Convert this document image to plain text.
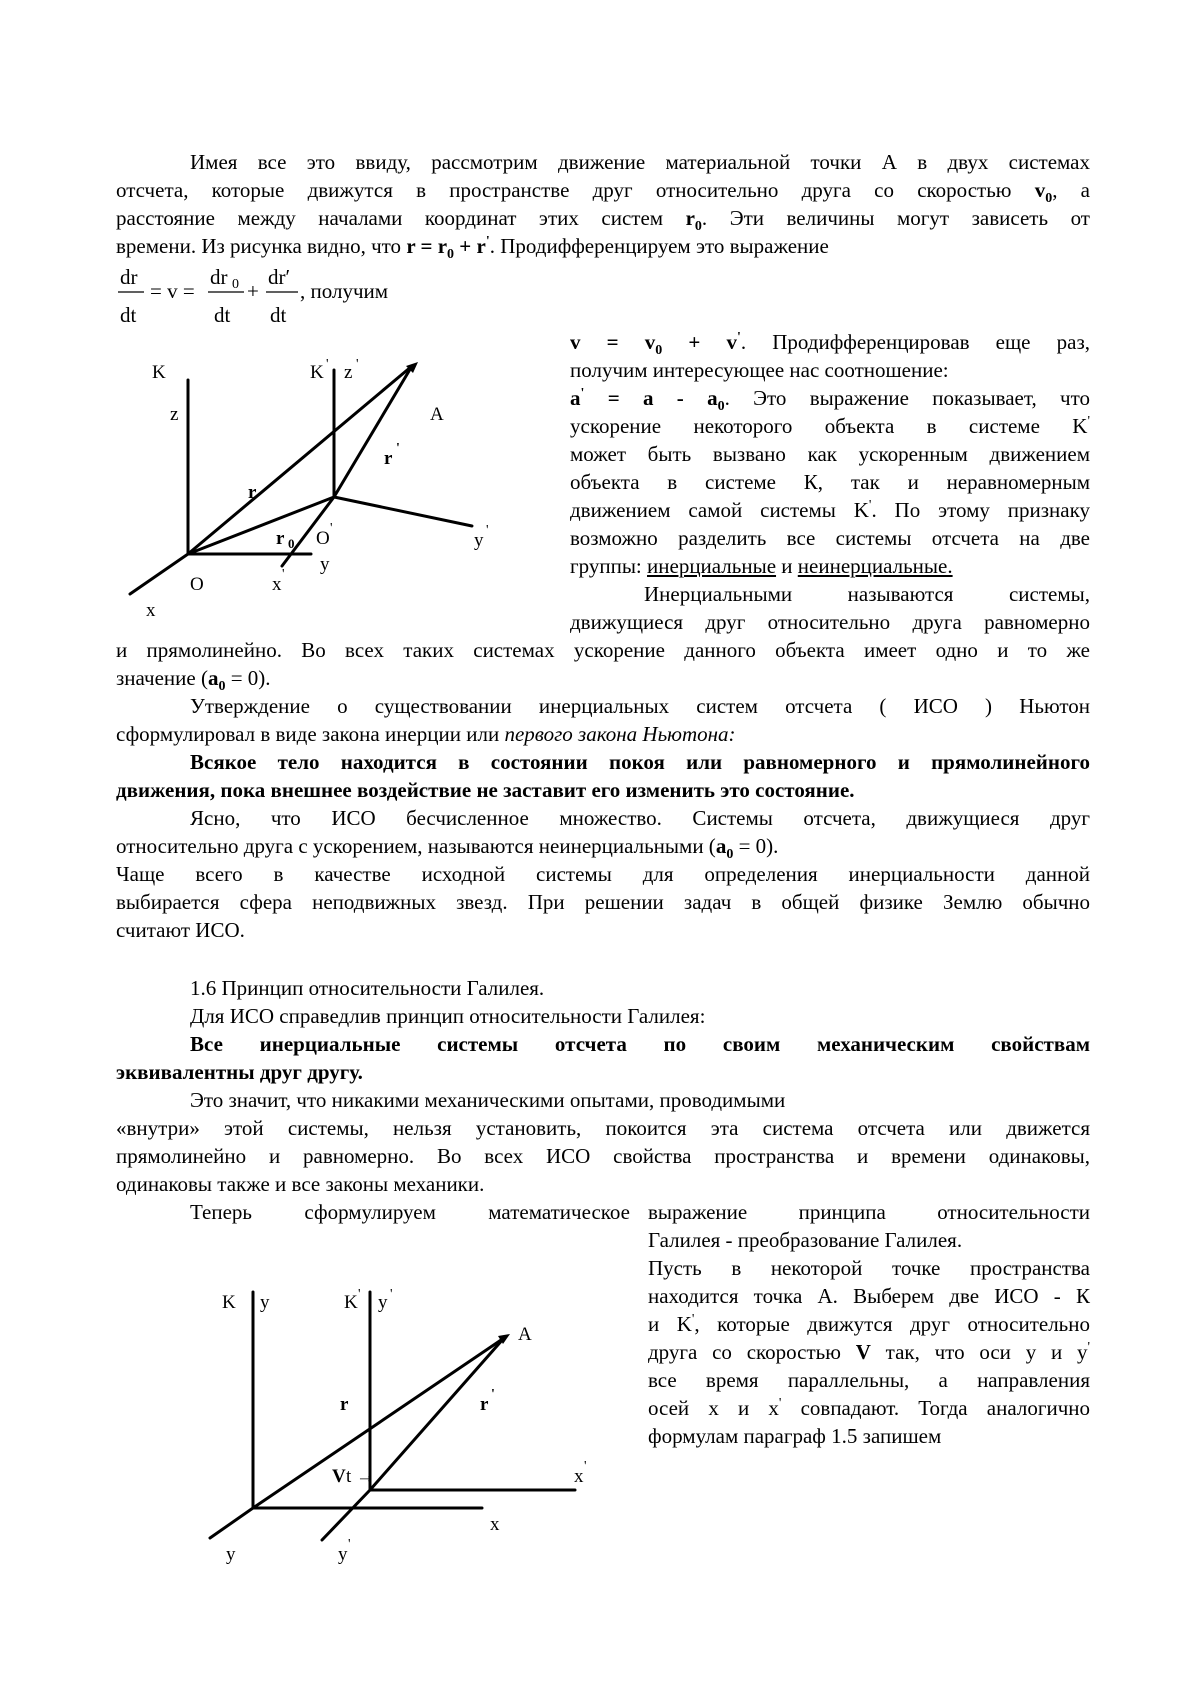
Имея все это ввиду, рассмотрим движение материальной точки А в двух системах
отсчета, которые движутся в пространстве друг относительно друга со скоростью $v_0$, а
расстояние между началами координат этих систем $r_0$. Эти величины могут зависеть от
времени. Из рисунка видно, что $r = r_0 + r'$. Продифференцируем это выражение
dr
dt
= v =
dr 0
dt
+
dr′
dt
, получим
K	K ' z '
z	A
r
r '
r 0 O '
y '
y
O	x '
x
$v = v_0 + v'$. Продифференцировав еще раз,
получим интересующее нас соотношение:
$a' = a - a_0$. Это выражение показывает, что
ускорение некоторого объекта в системе K'
может быть вызвано как ускоренным движением
объекта в системе К, так и неравномерным
движением самой системы K'. По этому признаку
возможно разделить все системы отсчета на две
группы: инерциальные и неинерциальные.
Инерциальными называются системы,
движущиеся друг относительно друга равномерно
и прямолинейно. Во всех таких системах ускорение данного объекта имеет одно и то же
значение $(a_0 = 0)$.
Утверждение о существовании инерциальных систем отсчета ( ИСО ) Ньютон
сформулировал в виде закона инерции или первого закона Ньютона:
Всякое тело находится в состоянии покоя или равномерного и прямолинейного
движения, пока внешнее воздействие не заставит его изменить это состояние.
Ясно, что ИСО бесчисленное множество. Системы отсчета, движущиеся друг
относительно друга с ускорением, называются неинерциальными $(a_0 = 0)$.
Чаще всего в качестве исходной системы для определения инерциальности данной
выбирается сфера неподвижных звезд. При решении задач в общей физике Землю обычно
считают ИСО.
1.6 Принцип относительности Галилея.
Для ИСО справедлив принцип относительности Галилея:
Все инерциальные системы отсчета по своим механическим свойствам
эквивалентны друг другу.
Это значит, что никакими механическими опытами, проводимыми
«внутри» этой системы, нельзя установить, покоится эта система отсчета или движется
прямолинейно и равномерно. Во всех ИСО свойства пространства и времени одинаковы,
одинаковы также и все законы механики.
Теперь сформулируем математическое выражение принципа относительности
Галилея - преобразование Галилея.
Пусть в некоторой точке пространства
находится точка А. Выберем две ИСО - К
и K', которые движутся друг относительно
друга со скоростью V так, что оси y и y'
все время параллельны, а направления
осей x и x' совпадают. Тогда аналогично
формулам параграф 1.5 запишем
K y	K ' y '
A
r	r '
V t →	x '
x
y	y '
